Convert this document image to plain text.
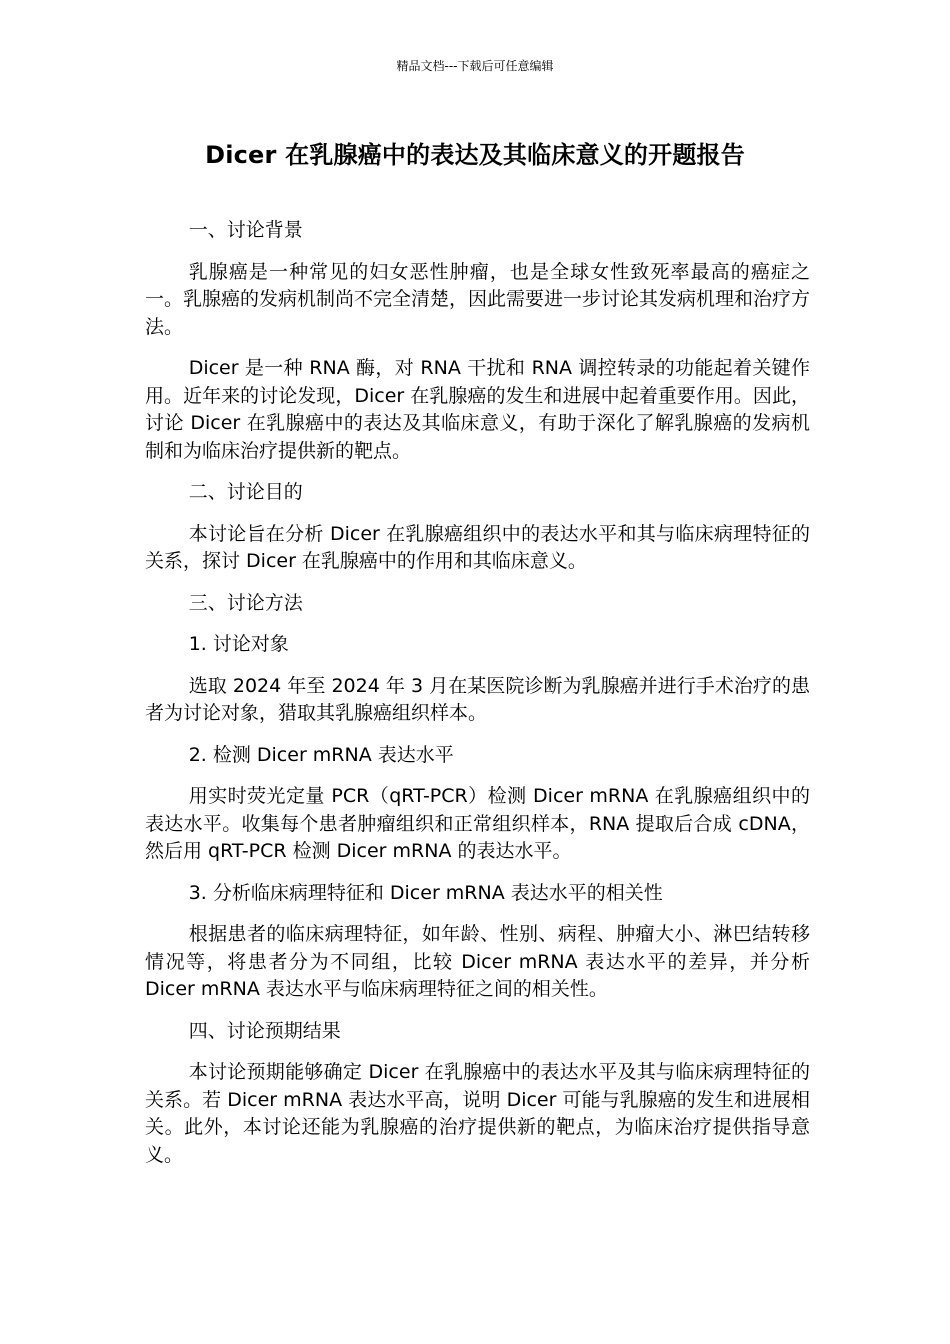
精品文档---下载后可任意编辑
Dicer 在乳腺癌中的表达及其临床意义的开题报告

一、讨论背景

乳腺癌是一种常见的妇女恶性肿瘤，也是全球女性致死率最高的癌症之一。乳腺癌的发病机制尚不完全清楚，因此需要进一步讨论其发病机理和治疗方法。

Dicer 是一种 RNA 酶，对 RNA 干扰和 RNA 调控转录的功能起着关键作用。近年来的讨论发现，Dicer 在乳腺癌的发生和进展中起着重要作用。因此，讨论 Dicer 在乳腺癌中的表达及其临床意义，有助于深化了解乳腺癌的发病机制和为临床治疗提供新的靶点。

二、讨论目的

本讨论旨在分析 Dicer 在乳腺癌组织中的表达水平和其与临床病理特征的关系，探讨 Dicer 在乳腺癌中的作用和其临床意义。

三、讨论方法

1. 讨论对象

选取 2024 年至 2024 年 3 月在某医院诊断为乳腺癌并进行手术治疗的患者为讨论对象，猎取其乳腺癌组织样本。

2. 检测 Dicer mRNA 表达水平

用实时荧光定量 PCR（qRT-PCR）检测 Dicer mRNA 在乳腺癌组织中的表达水平。收集每个患者肿瘤组织和正常组织样本，RNA 提取后合成 cDNA，然后用 qRT-PCR 检测 Dicer mRNA 的表达水平。

3. 分析临床病理特征和 Dicer mRNA 表达水平的相关性

根据患者的临床病理特征，如年龄、性别、病程、肿瘤大小、淋巴结转移情况等，将患者分为不同组，比较 Dicer mRNA 表达水平的差异，并分析 Dicer mRNA 表达水平与临床病理特征之间的相关性。

四、讨论预期结果

本讨论预期能够确定 Dicer 在乳腺癌中的表达水平及其与临床病理特征的关系。若 Dicer mRNA 表达水平高，说明 Dicer 可能与乳腺癌的发生和进展相关。此外，本讨论还能为乳腺癌的治疗提供新的靶点，为临床治疗提供指导意义。
